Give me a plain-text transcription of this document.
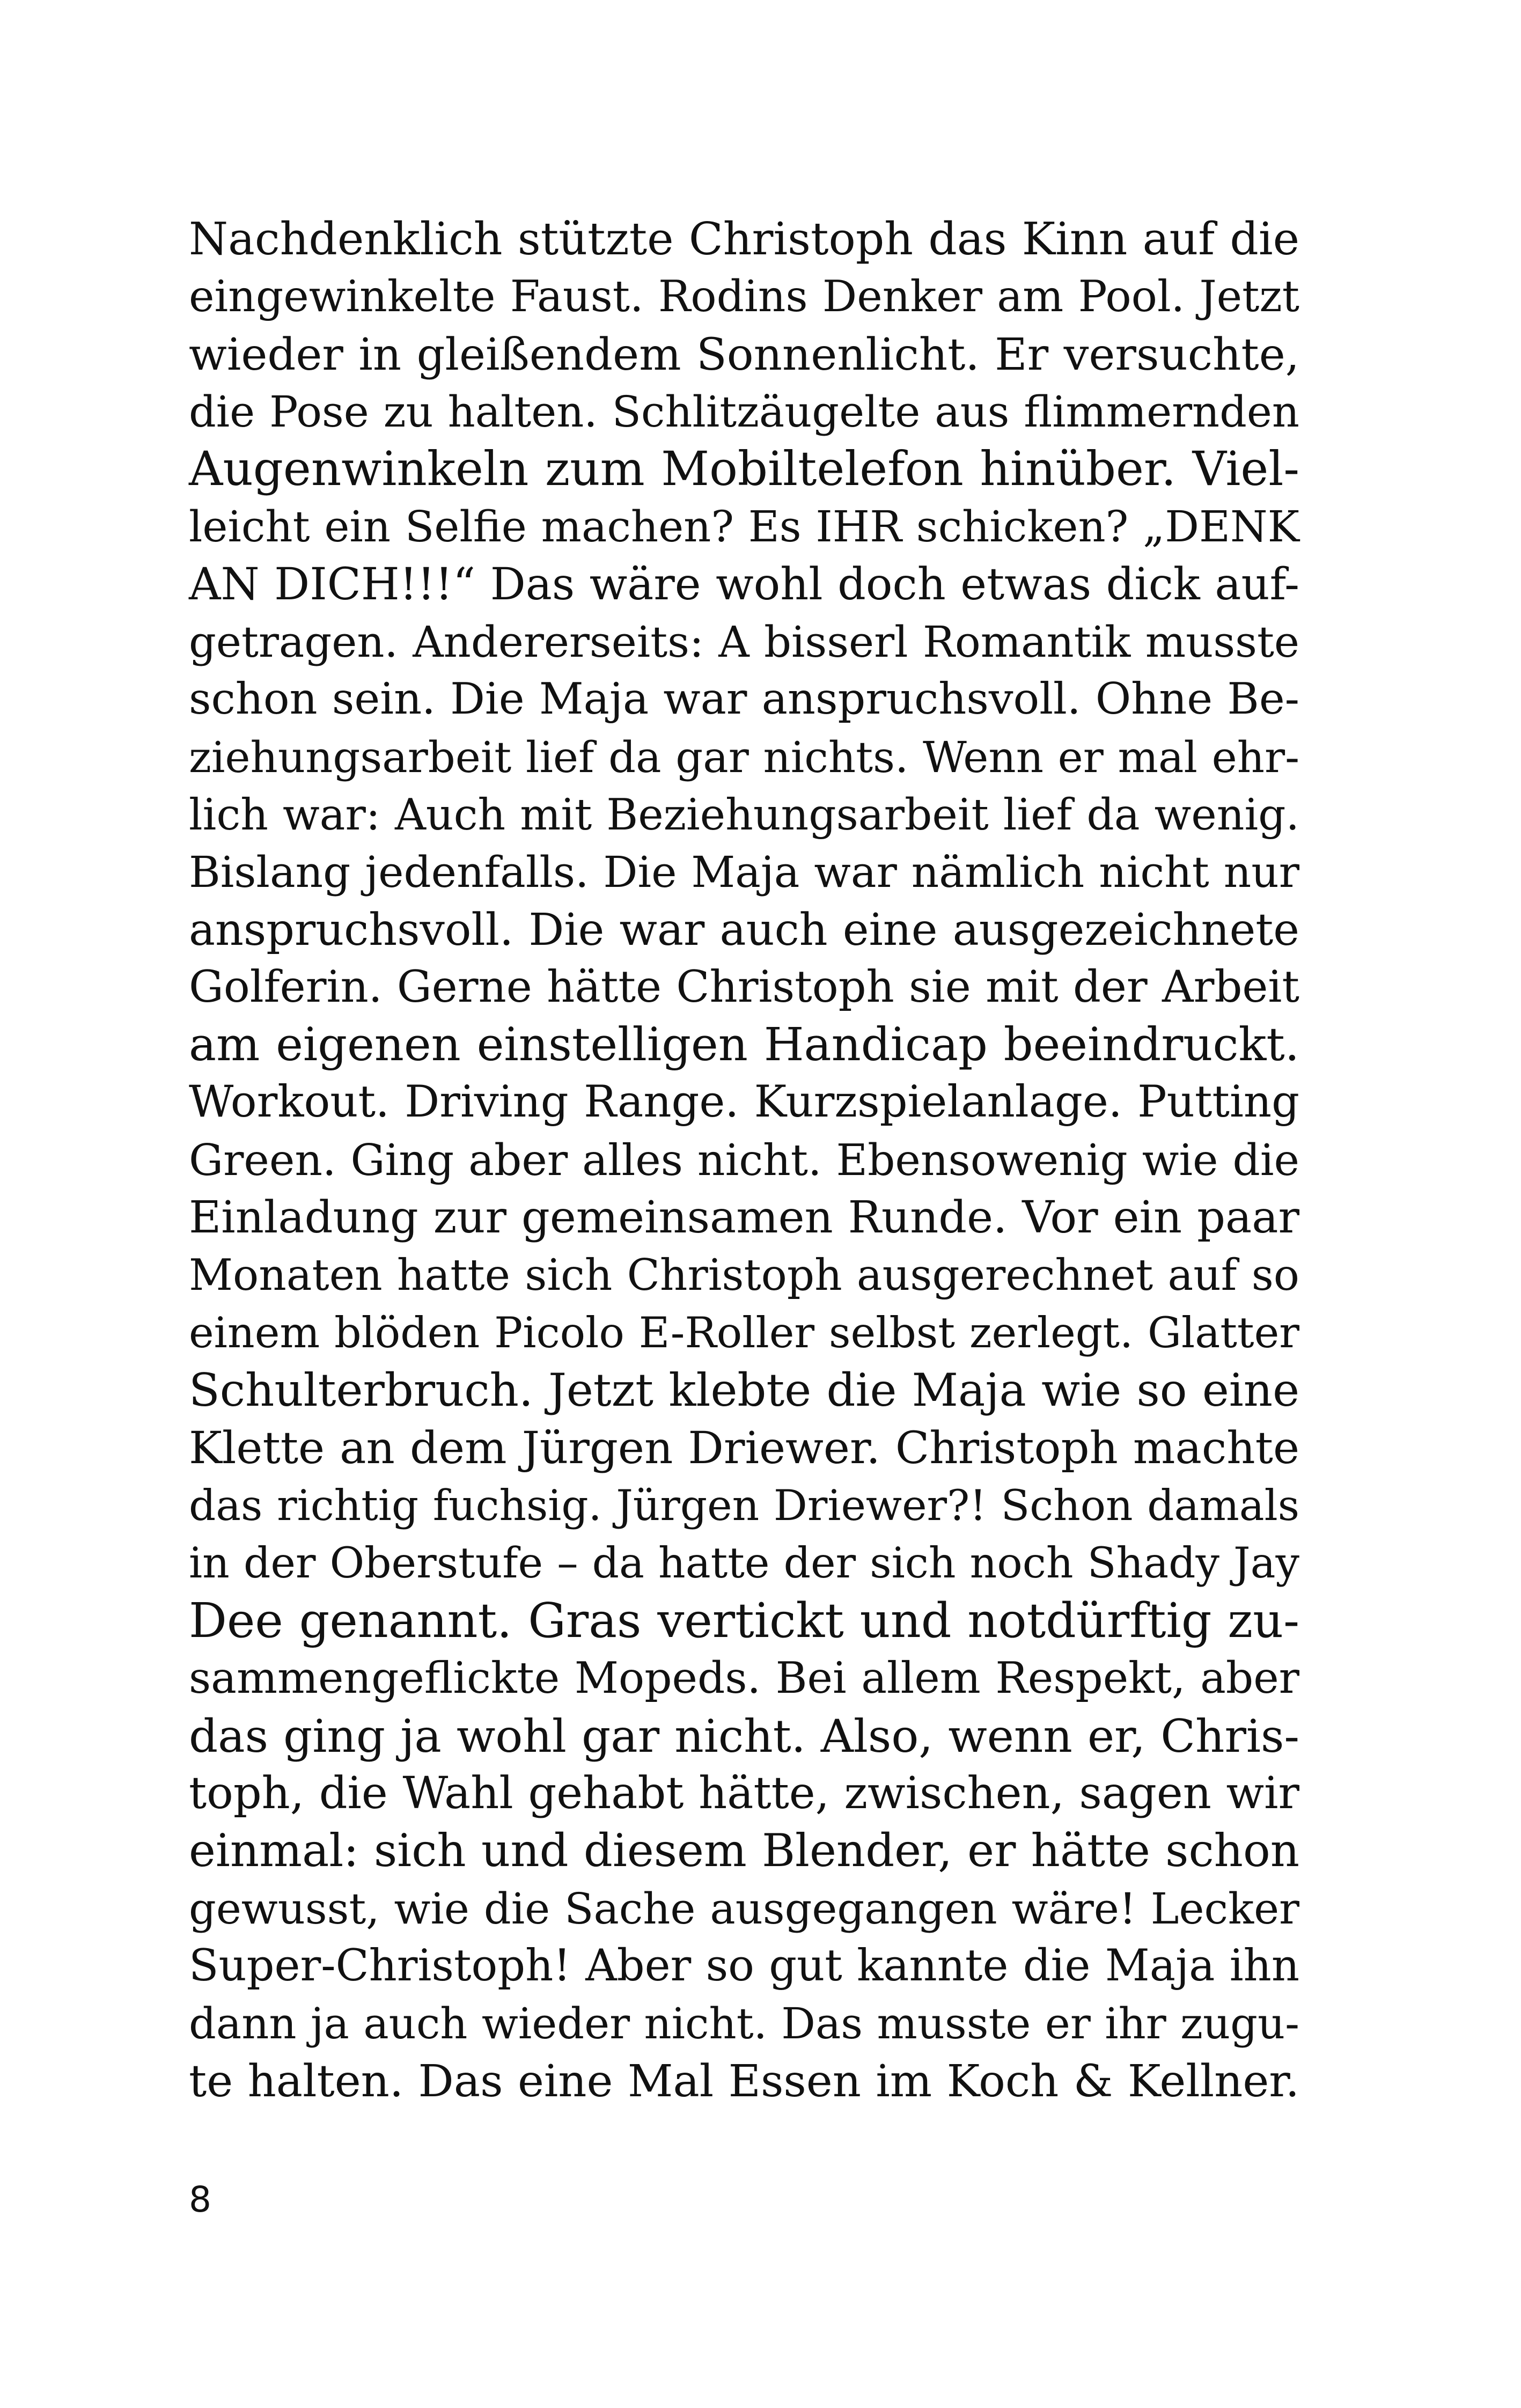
Nachdenklich stützte Christoph das Kinn auf die
eingewinkelte Faust. Rodins Denker am Pool. Jetzt
wieder in gleißendem Sonnenlicht. Er versuchte,
die Pose zu halten. Schlitzäugelte aus flimmernden
Augenwinkeln zum Mobiltelefon hinüber. Viel-
leicht ein Selfie machen? Es IHR schicken? „DENK
AN DICH!!!“ Das wäre wohl doch etwas dick auf-
getragen. Andererseits: A bisserl Romantik musste
schon sein. Die Maja war anspruchsvoll. Ohne Be-
ziehungsarbeit lief da gar nichts. Wenn er mal ehr-
lich war: Auch mit Beziehungsarbeit lief da wenig.
Bislang jedenfalls. Die Maja war nämlich nicht nur
anspruchsvoll. Die war auch eine ausgezeichnete
Golferin. Gerne hätte Christoph sie mit der Arbeit
am eigenen einstelligen Handicap beeindruckt.
Workout. Driving Range. Kurzspielanlage. Putting
Green. Ging aber alles nicht. Ebensowenig wie die
Einladung zur gemeinsamen Runde. Vor ein paar
Monaten hatte sich Christoph ausgerechnet auf so
einem blöden Picolo E-Roller selbst zerlegt. Glatter
Schulterbruch. Jetzt klebte die Maja wie so eine
Klette an dem Jürgen Driewer. Christoph machte
das richtig fuchsig. Jürgen Driewer?! Schon damals
in der Oberstufe – da hatte der sich noch Shady Jay
Dee genannt. Gras vertickt und notdürftig zu-
sammengeflickte Mopeds. Bei allem Respekt, aber
das ging ja wohl gar nicht. Also, wenn er, Chris-
toph, die Wahl gehabt hätte, zwischen, sagen wir
einmal: sich und diesem Blender, er hätte schon
gewusst, wie die Sache ausgegangen wäre! Lecker
Super-Christoph! Aber so gut kannte die Maja ihn
dann ja auch wieder nicht. Das musste er ihr zugu-
te halten. Das eine Mal Essen im Koch & Kellner.
8
